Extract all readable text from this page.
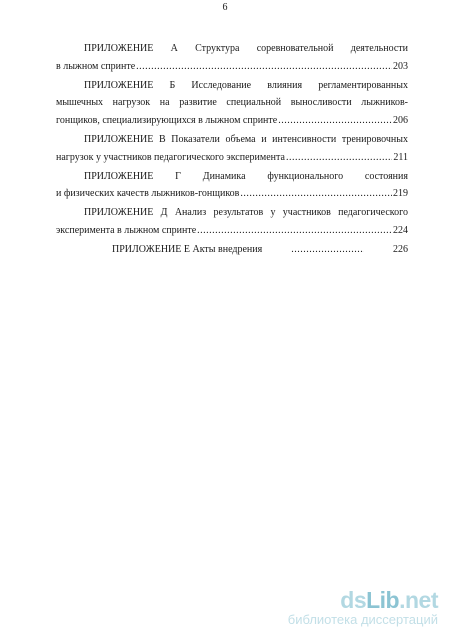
6
ПРИЛОЖЕНИЕ А Структура соревновательной деятельности
в лыжном спринте .....	203
ПРИЛОЖЕНИЕ Б Исследование влияния регламентированных
мышечных нагрузок на развитие специальной выносливости лыжников-
гонщиков, специализирующихся в лыжном спринте .....	206
ПРИЛОЖЕНИЕ В Показатели объема и интенсивности тренировочных
нагрузок у участников педагогического эксперимента .....	211
ПРИЛОЖЕНИЕ Г Динамика функционального состояния
и физических качеств лыжников-гонщиков .....	219
ПРИЛОЖЕНИЕ Д Анализ результатов у участников педагогического
эксперимента в лыжном спринте .....	224
ПРИЛОЖЕНИЕ Е Акты внедрения .....	226
dsLib.net
библиотека диссертаций
